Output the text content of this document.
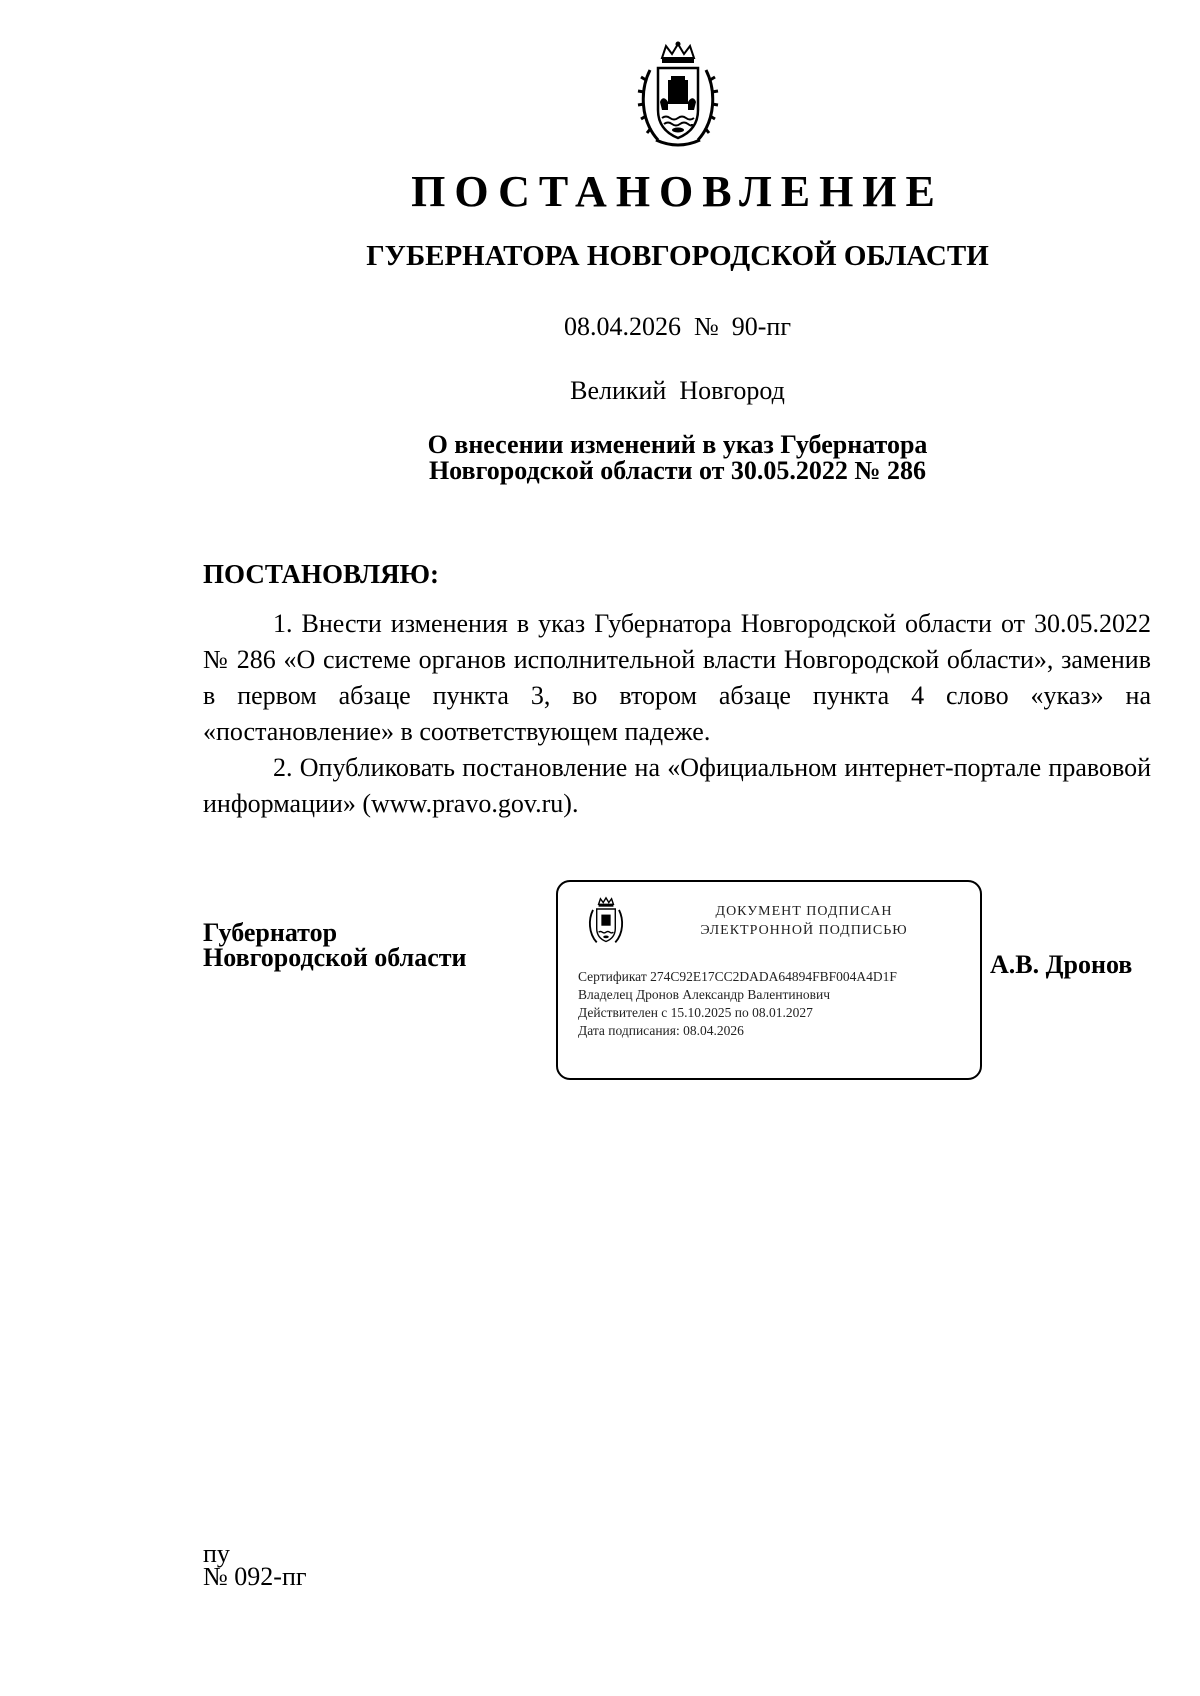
ПОСТАНОВЛЕНИЕ
ГУБЕРНАТОРА НОВГОРОДСКОЙ ОБЛАСТИ
08.04.2026  №  90-пг
Великий  Новгород
О внесении изменений в указ Губернатора
Новгородской области от 30.05.2022 № 286
ПОСТАНОВЛЯЮ:

1. Внести изменения в указ Губернатора Новгородской области от 30.05.2022 № 286 «О системе органов исполнительной власти Новгородской области», заменив в первом абзаце пункта 3, во втором абзаце пункта 4 слово «указ» на «постановление» в соответствующем падеже.

2. Опубликовать постановление на «Официальном интернет-портале правовой информации» (www.pravo.gov.ru).

Губернатор
Новгородской области
ДОКУМЕНТ ПОДПИСАН
ЭЛЕКТРОННОЙ ПОДПИСЬЮ
Сертификат 274C92E17CC2DADA64894FBF004A4D1F
Владелец Дронов Александр Валентинович
Действителен с 15.10.2025 по 08.01.2027
Дата подписания: 08.04.2026
А.В. Дронов
пу
№ 092-пг
